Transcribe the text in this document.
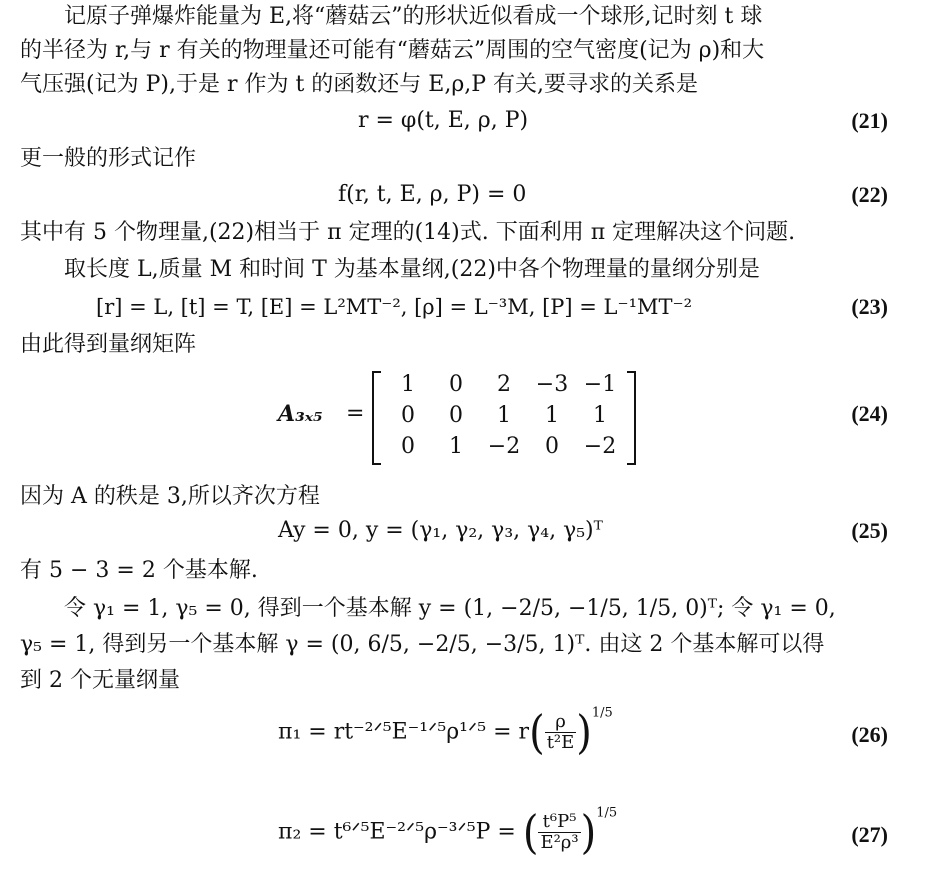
记原子弹爆炸能量为 E,将“蘑菇云”的形状近似看成一个球形,记时刻 t 球
的半径为 r,与 r 有关的物理量还可能有“蘑菇云”周围的空气密度(记为 ρ)和大
气压强(记为 P),于是 r 作为 t 的函数还与 E,ρ,P 有关,要寻求的关系是
r = φ(t, E, ρ, P)	(21)
更一般的形式记作
f(r, t, E, ρ, P) = 0	(22)
其中有 5 个物理量,(22)相当于 π 定理的(14)式. 下面利用 π 定理解决这个问题.
取长度 L,质量 M 和时间 T 为基本量纲,(22)中各个物理量的量纲分别是
[r] = L, [t] = T, [E] = L²MT⁻², [ρ] = L⁻³M, [P] = L⁻¹MT⁻²	(23)
由此得到量纲矩阵
A₃ₓ₅ =
1	0	2	−3 −1
0	0	1	1	1
0	1	−2	0	−2
(24)
因为 A 的秩是 3,所以齐次方程
Ay = 0, y = (γ₁, γ₂, γ₃, γ₄, γ₅)ᵀ	(25)
有 5 − 3 = 2 个基本解.
令 γ₁ = 1, γ₅ = 0, 得到一个基本解 y = (1, −2/5, −1/5, 1/5, 0)ᵀ; 令 γ₁ = 0,
γ₅ = 1, 得到另一个基本解 γ = (0, 6/5, −2/5, −3/5, 1)ᵀ. 由这 2 个基本解可以得
到 2 个无量纲量
π₁ = rt⁻²ᐟ⁵E⁻¹ᐟ⁵ρ¹ᐟ⁵ = $r( \frac{\rho}{\text{t²E}} )^{1/5}$
(26)
π₂ = t⁶ᐟ⁵E⁻²ᐟ⁵ρ⁻³ᐟ⁵P = ( $\frac{\text{t⁶P⁵}}{\text{E²ρ³}} )^{1/5}$
(27)
